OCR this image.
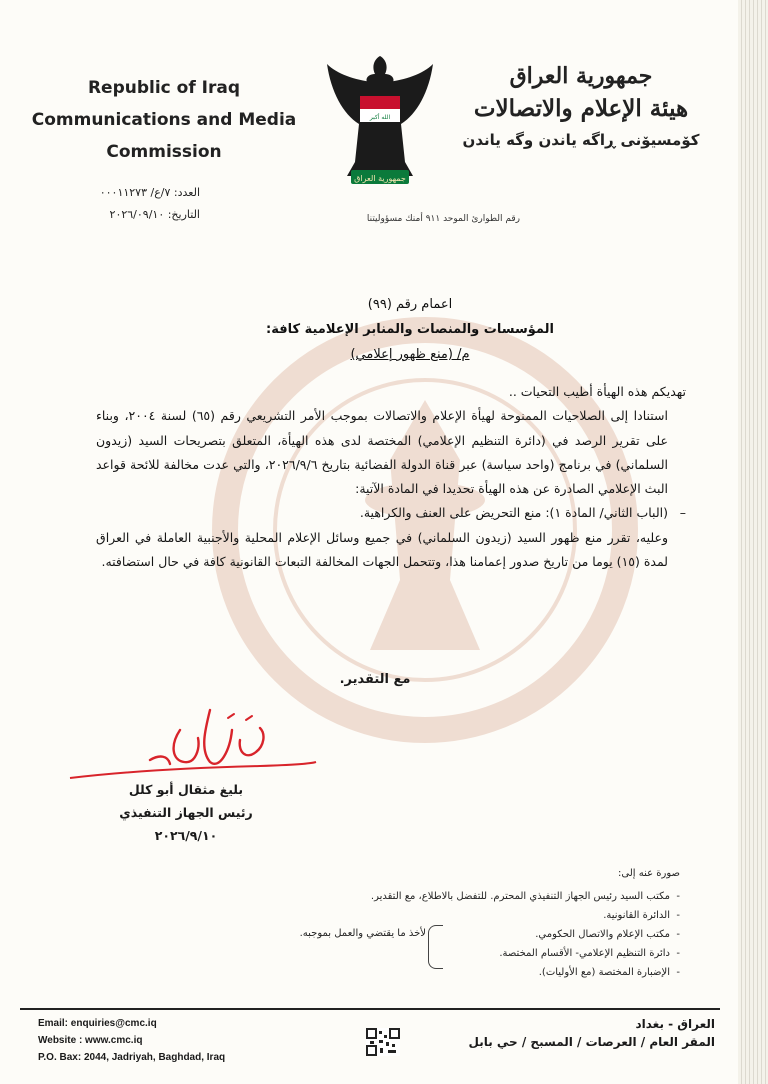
Republic of Iraq
Communications and Media
Commission
الله أكبر
جمهورية العراق
جمهورية العراق
هيئة الإعلام والاتصالات
كۆمسیۆنی ڕاگە یاندن وگە یاندن
العدد: ٧/ع/ ٠٠٠١١٢٧٣
التاريخ: ٢٠٢٦/٠٩/١٠	رقم الطوارئ الموحد ٩١١ أمنك مسؤوليتنا
اعمام رقم (٩٩)
المؤسسات والمنصات والمنابر الإعلامية كافة:
م/ (منع ظهور إعلامي)

تهديكم هذه الهيأة أطيب التحيات ..

استنادا إلى الصلاحيات الممنوحة لهيأة الإعلام والاتصالات بموجب الأمر التشريعي رقم (٦٥) لسنة ٢٠٠٤، وبناء على تقرير الرصد في (دائرة التنظيم الإعلامي) المختصة لدى هذه الهيأة، المتعلق بتصريحات السيد (زيدون السلماني) في برنامج (واحد سياسة) عبر قناة الدولة الفضائية بتاريخ ٢٠٢٦/٩/٦، والتي عدت مخالفة للائحة قواعد البث الإعلامي الصادرة عن هذه الهيأة تحديدا في المادة الآتية:

– (الباب الثاني/ المادة ١): منع التحريض على العنف والكراهية.

وعليه، تقرر منع ظهور السيد (زيدون السلماني) في جميع وسائل الإعلام المحلية والأجنبية العاملة في العراق لمدة (١٥) يوما من تاريخ صدور إعمامنا هذا، وتتحمل الجهات المخالفة التبعات القانونية كافة في حال استضافته.

مع التقدير.
بليغ مثقال أبو كلل
رئيس الجهاز التنفيذي
٢٠٢٦/٩/١٠
صورة عنه إلى:
- مكتب السيد رئيس الجهاز التنفيذي المحترم. للتفضل بالاطلاع، مع التقدير.
- الدائرة القانونية.
- مكتب الإعلام والاتصال الحكومي.
- دائرة التنظيم الإعلامي- الأقسام المختصة.
- الإضبارة المختصة (مع الأوليات).
لأخذ ما يقتضي والعمل بموجبه.
Email: enquiries@cmc.iq
Website : www.cmc.iq
P.O. Bax: 2044, Jadriyah, Baghdad, Iraq
العراق - بغداد
المقر العام / العرصات / المسبح / حي بابل
